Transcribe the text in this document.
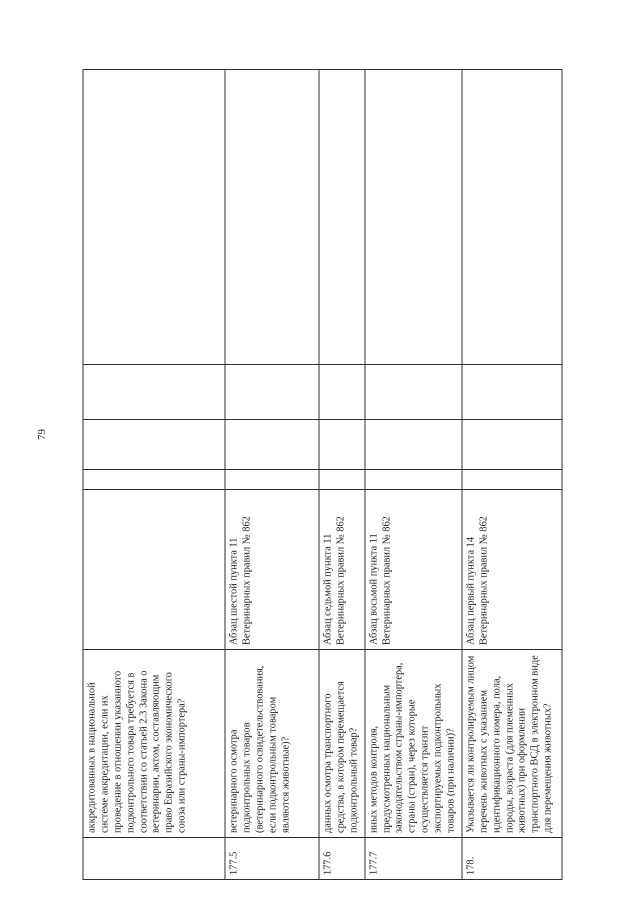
79

	аккредитованных в национальной системе аккредитации, если их проведение в отношении указанного подконтрольного товара требуется в соответствии со статьей 2.3 Закона о ветеринарии, актом, составляющим право Евразийского экономического союза или страны-импортера?					

177.5	ветеринарного осмотра подконтрольных товаров (ветеринарного освидетельствования, если подконтрольным товаром являются животные)?	Абзац шестой пункта 11 Ветеринарных правил № 862				

177.6	данных осмотра транспортного средства, в котором перемещается подконтрольный товар?	Абзац седьмой пункта 11 Ветеринарных правил № 862				

177.7	иных методов контроля, предусмотренных национальным законодательством страны-импортера, страны (стран), через которые осуществляется транзит экспортируемых подконтрольных товаров (при наличии)?	Абзац восьмой пункта 11 Ветеринарных правил № 862				

178.	Указывается ли контролируемым лицом перечень животных с указанием идентификационного номера, пола, породы, возраста (для племенных животных) при оформлении транспортного ВСД в электронном виде для перемещения животных?	Абзац первый пункта 14 Ветеринарных правил № 862				
